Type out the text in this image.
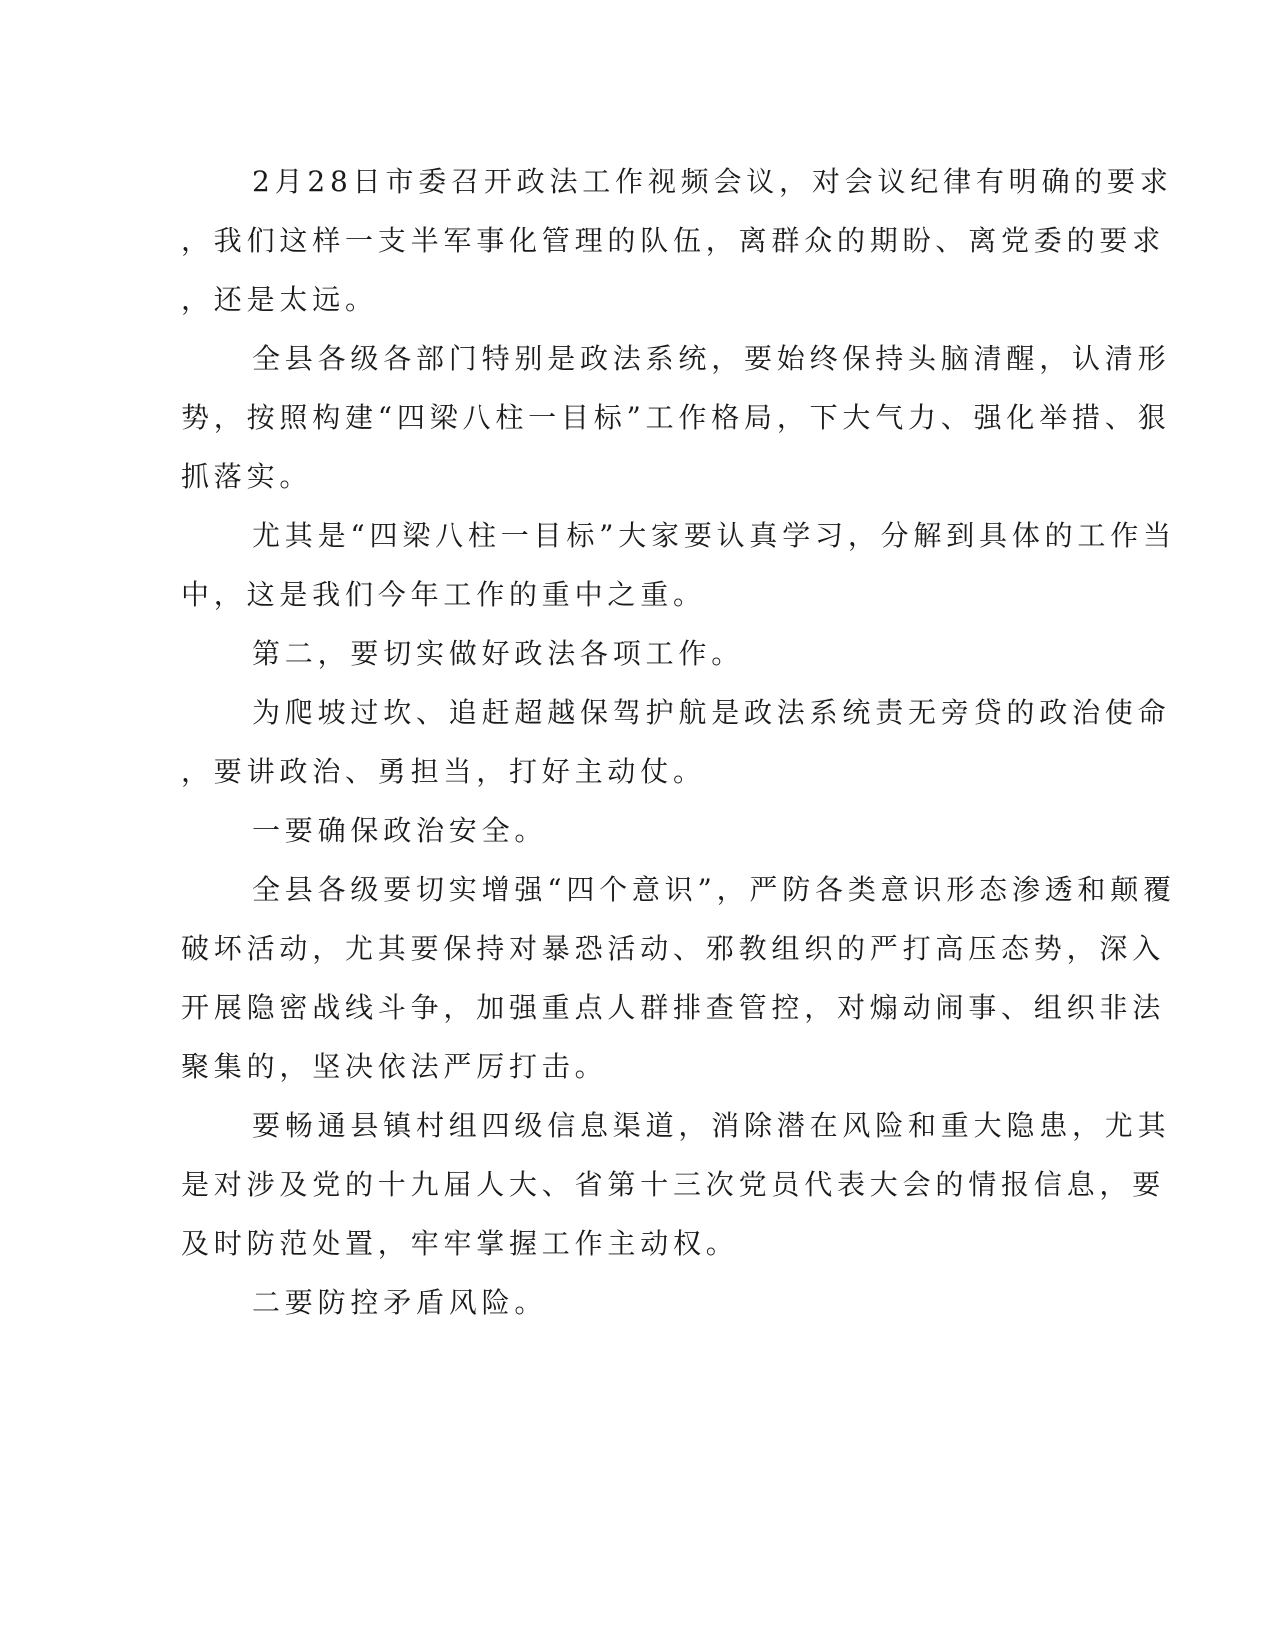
2月28日市委召开政法工作视频会议，对会议纪律有明确的要求
，我们这样一支半军事化管理的队伍，离群众的期盼、离党委的要求
，还是太远。
全县各级各部门特别是政法系统，要始终保持头脑清醒，认清形
势，按照构建“四梁八柱一目标”工作格局，下大气力、强化举措、狠
抓落实。
尤其是“四梁八柱一目标”大家要认真学习，分解到具体的工作当
中，这是我们今年工作的重中之重。
第二，要切实做好政法各项工作。
为爬坡过坎、追赶超越保驾护航是政法系统责无旁贷的政治使命
，要讲政治、勇担当，打好主动仗。
一要确保政治安全。
全县各级要切实增强“四个意识”，严防各类意识形态渗透和颠覆
破坏活动，尤其要保持对暴恐活动、邪教组织的严打高压态势，深入
开展隐密战线斗争，加强重点人群排查管控，对煽动闹事、组织非法
聚集的，坚决依法严厉打击。
要畅通县镇村组四级信息渠道，消除潜在风险和重大隐患，尤其
是对涉及党的十九届人大、省第十三次党员代表大会的情报信息，要
及时防范处置，牢牢掌握工作主动权。
二要防控矛盾风险。
